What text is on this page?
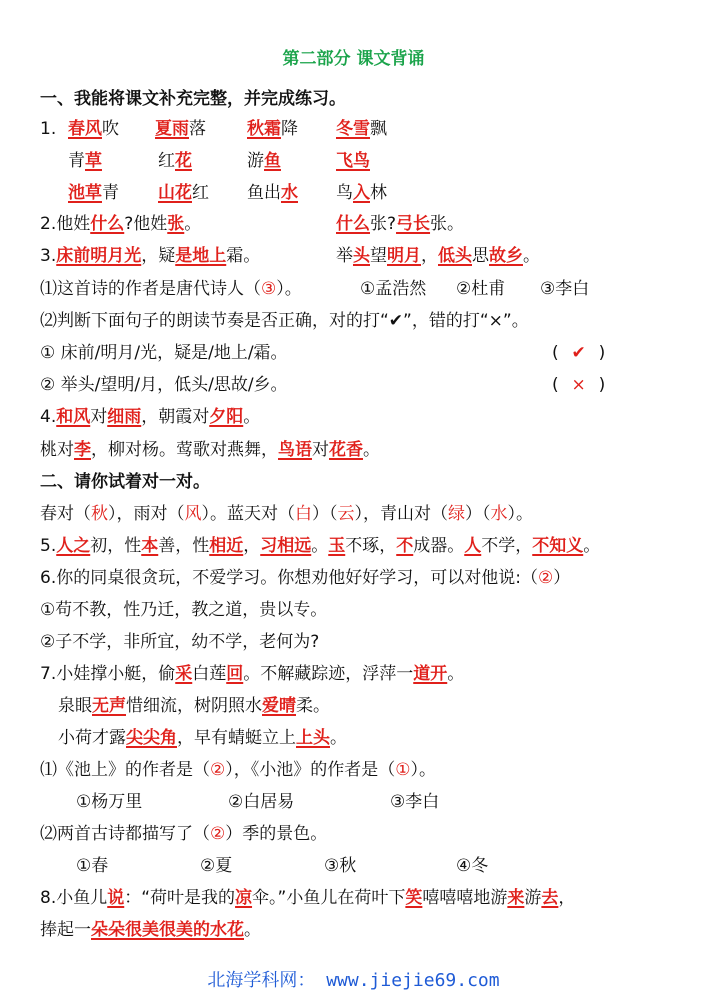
第二部分 课文背诵
一、我能将课文补充完整，并完成练习。
1. 春风吹 夏雨落 秋霜降 冬雪飘
青草	红花	游鱼	飞鸟
池草青 山花红 鱼出水 鸟入林
2.他姓什么?他姓张。	什么张?弓长张。
3.床前明月光，疑是地上霜。	举头望明月，低头思故乡。
⑴这首诗的作者是唐代诗人（③）。	①孟浩然 ②杜甫 ③李白
⑵判断下面句子的朗读节奏是否正确，对的打“✔”，错的打“×”。
① 床前/明月/光，疑是/地上/霜。	( ✔ )
② 举头/望明/月，低头/思故/乡。	( × )
4.和风对细雨，朝霞对夕阳。
桃对李，柳对杨。莺歌对燕舞，鸟语对花香。
二、请你试着对一对。
春对（秋），雨对（风）。蓝天对（白）（云），青山对（绿）（水）。
5.人之初，性本善，性相近，习相远。玉不琢，不成器。人不学，不知义。
6.你的同桌很贪玩，不爱学习。你想劝他好好学习，可以对他说:（②）
①苟不教，性乃迁，教之道，贵以专。
②子不学，非所宜，幼不学，老何为?
7.小娃撑小艇，偷采白莲回。不解藏踪迹，浮萍一道开。
泉眼无声惜细流，树阴照水爱晴柔。
小荷才露尖尖角，早有蜻蜓立上上头。
⑴《池上》的作者是（②），《小池》的作者是（①）。
①杨万里	②白居易	③李白
⑵两首古诗都描写了（②）季的景色。
①春	②夏	③秋	④冬
8.小鱼儿说：“荷叶是我的凉伞。”小鱼儿在荷叶下笑嘻嘻嘻地游来游去，
捧起一朵朵很美很美的水花。
北海学科网： www.jiejie69.com
